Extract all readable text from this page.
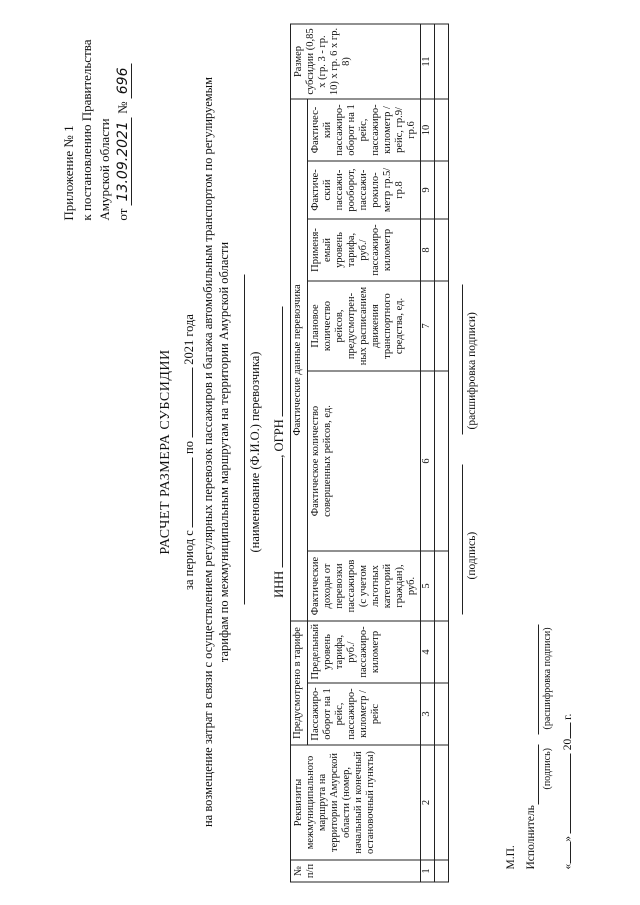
Приложение № 1 к постановлению Правительства Амурской области от 13.09.2021 № 696
РАСЧЕТ РАЗМЕРА СУБСИДИИ
за период с  по  2021 года на возмещение затрат в связи с осуществлением регулярных перевозок пассажиров и багажа автомобильным транспортом по регулируемым тарифам по межмуниципальным маршрутам на территории Амурской области (наименование (Ф.И.О.) перевозчика)
ИНН , ОГРН
№ п/п	Реквизиты межмуниципального маршрута на территории Амурской области (номер, начальный и конечный остановочный пункты)	Предусмотрено в тарифе		Фактические данные перевозчика						Размер субсидии (0,85 х (гр. 3 - гр. 10) х гр. 6 х гр. 8)
		Пассажиро-оборот на 1 рейс, пассажиро-километр /рейс	Предельный уровень тарифа, руб./ пассажиро-километр	Фактические доходы от перевозки пассажиров (с учетом льготных категорий граждан), руб.	Фактическое количество совершенных рейсов, ед.	Плановое количество рейсов, предусмотрен-ных расписанием движения транспортного средства, ед.	Применя-емый уровень тарифа, руб./ пассажиро-километр	Фактиче-ский пассажи-рооборот, пассажи-рокило-метр гр.5/гр.8	Фактичес-кий пассажиро-оборот на 1 рейс, пассажиро-километр /рейс, гр.9/гр.6	
1	2	3	4	5	6	7	8	9	10	11

(подпись)
(расшифровка подписи)
М.П. Исполнитель
(подпись)
(расшифровка подписи)
«»  20 г.
